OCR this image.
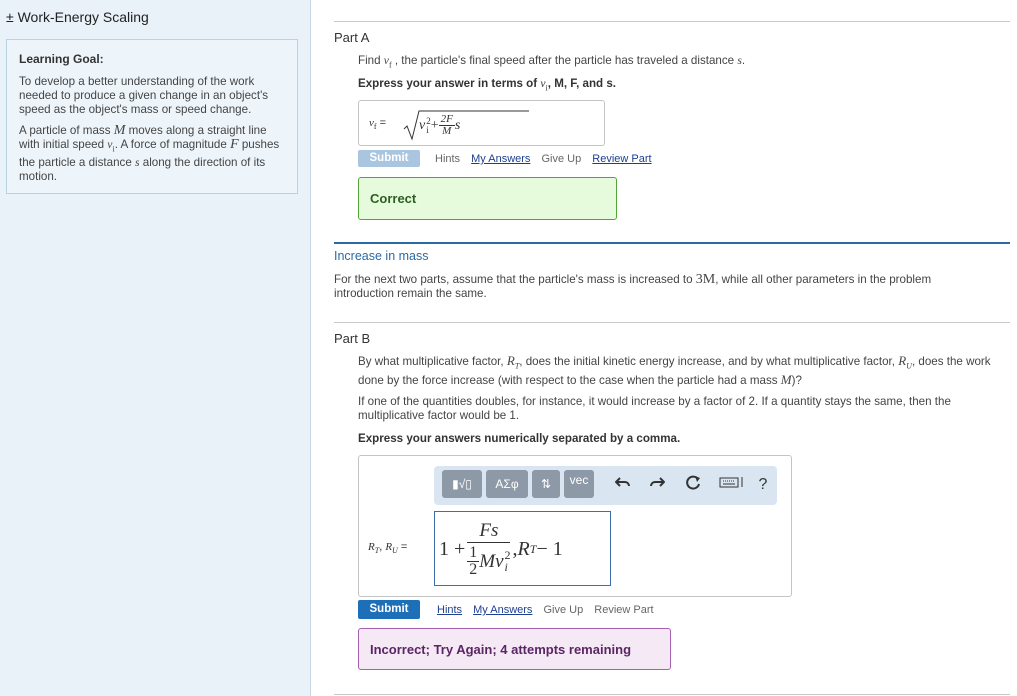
± Work-Energy Scaling
Learning Goal:

To develop a better understanding of the work needed to produce a given change in an object's speed as the object's mass or speed change.

A particle of mass M moves along a straight line with initial speed $v_i$. A force of magnitude F pushes the particle a distance s along the direction of its motion.

Part A
Find $v_f$ , the particle's final speed after the particle has traveled a distance s.
Express your answer in terms of $v_i$, M, F, and s.
$v_f = v$ 2
$i + \frac{2F}{M}$ s
Submit	Hints My Answers Give Up Review Part
Correct
Increase in mass
For the next two parts, assume that the particle's mass is increased to 3M, while all other parameters in the problem introduction remain the same.
Part B
By what multiplicative factor, $R_T$, does the initial kinetic energy increase, and by what multiplicative factor, $R_U$, does the work done by the force increase (with respect to the case when the particle had a mass M)?
If one of the quantities doubles, for instance, it would increase by a factor of 2. If a quantity stays the same, then the multiplicative factor would be 1.
Express your answers numerically separated by a comma.
$R_T$, $R_U = 1 + Fs$
$\frac{1}{2}$ Mv 2
i , R T − 1
▮√▯	ΑΣφ	⇅	vec	?
Submit	Hints My Answers Give Up Review Part
Incorrect; Try Again; 4 attempts remaining
